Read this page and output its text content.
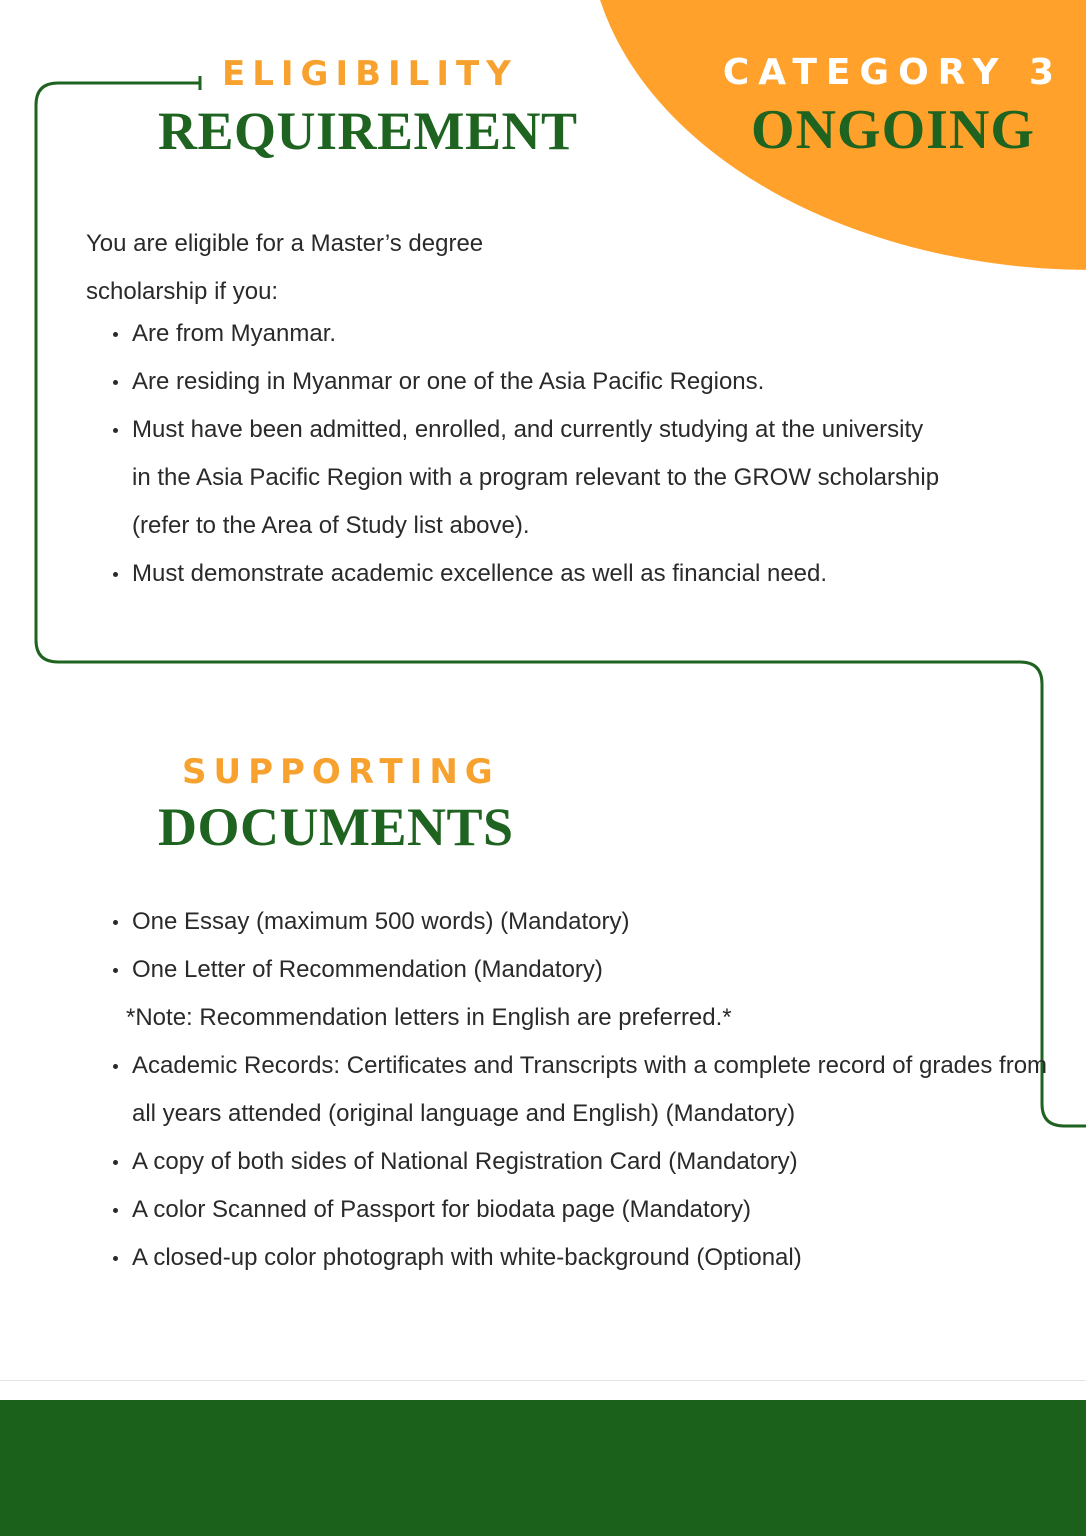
CATEGORY 3
ONGOING
ELIGIBILITY
REQUIREMENT
You are eligible for a Master’s degree
scholarship if you:
Are from Myanmar.
Are residing in Myanmar or one of the Asia Pacific Regions.
Must have been admitted, enrolled, and currently studying at the university in the Asia Pacific Region with a program relevant to the GROW scholarship (refer to the Area of Study list above).
Must demonstrate academic excellence as well as financial need.
SUPPORTING
DOCUMENTS
One Essay (maximum 500 words) (Mandatory)
One Letter of Recommendation (Mandatory)
*Note: Recommendation letters in English are preferred.*
Academic Records: Certificates and Transcripts with a complete record of grades from all years attended (original language and English) (Mandatory)
A copy of both sides of National Registration Card (Mandatory)
A color Scanned of Passport for biodata page (Mandatory)
A closed-up color photograph with white-background (Optional)
